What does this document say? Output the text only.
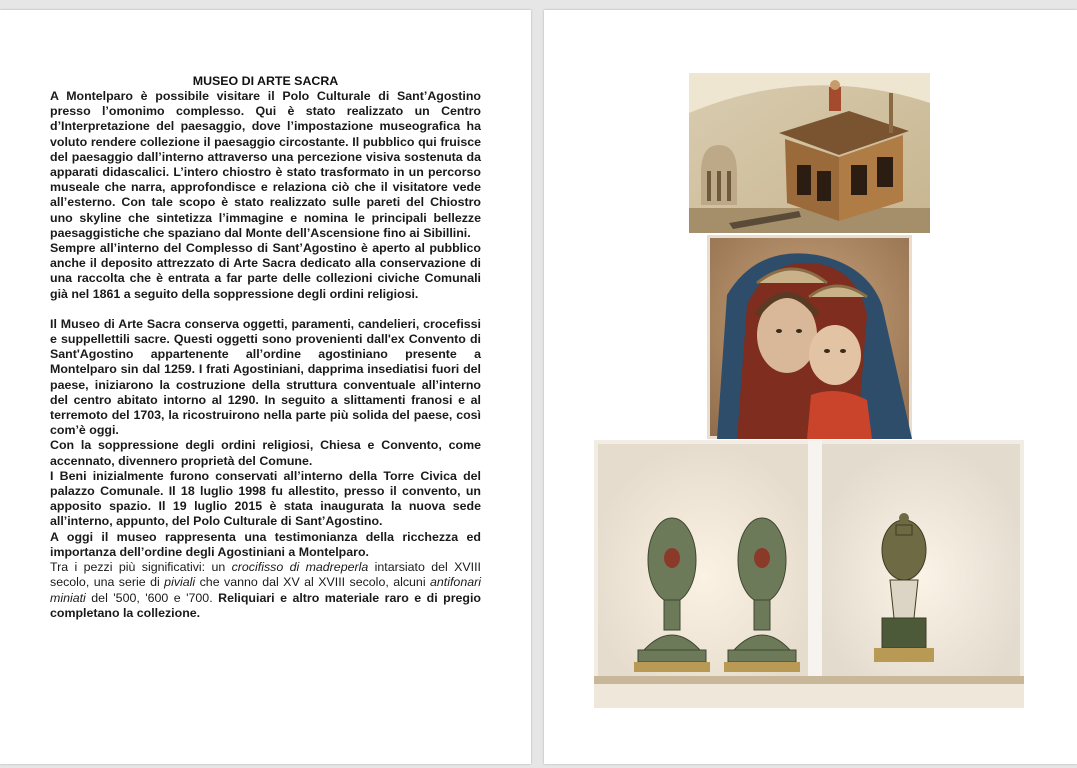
MUSEO DI ARTE SACRA

A Montelparo è possibile visitare il Polo Culturale di Sant’Agostino presso l’omonimo complesso. Qui è stato realizzato un Centro d’Interpretazione del paesaggio, dove l’impostazione museografica ha voluto rendere collezione il paesaggio circostante. Il pubblico qui fruisce del paesaggio dall’interno attraverso una percezione visiva sostenuta da apparati didascalici. L’intero chiostro è stato trasformato in un percorso museale che narra, approfondisce e relaziona ciò che il visitatore vede all’esterno. Con tale scopo è stato realizzato sulle pareti del Chiostro uno skyline che sintetizza l’immagine e nomina le principali bellezze paesaggistiche che spaziano dal Monte dell’Ascensione fino ai Sibillini.

Sempre all’interno del Complesso di Sant’Agostino è aperto al pubblico anche il deposito attrezzato di Arte Sacra dedicato alla conservazione di una raccolta che è entrata a far parte delle collezioni civiche Comunali già nel 1861 a seguito della soppressione degli ordini religiosi.

Il Museo di Arte Sacra conserva oggetti, paramenti, candelieri, crocefissi e suppellettili sacre. Questi oggetti sono provenienti dall'ex Convento di Sant'Agostino appartenente all’ordine agostiniano presente a Montelparo sin dal 1259. I frati Agostiniani, dapprima insediatisi fuori del paese, iniziarono la costruzione della struttura conventuale all’interno del centro abitato intorno al 1290. In seguito a slittamenti franosi e al terremoto del 1703, la ricostruirono nella parte più solida del paese, così com’è oggi.

Con la soppressione degli ordini religiosi, Chiesa e Convento, come accennato, divennero proprietà del Comune.

I Beni inizialmente furono conservati all’interno della Torre Civica del palazzo Comunale. Il 18 luglio 1998 fu allestito, presso il convento, un apposito spazio. Il 19 luglio 2015 è stata inaugurata la nuova sede all’interno, appunto, del Polo Culturale di Sant’Agostino.

A oggi il museo rappresenta una testimonianza della ricchezza ed importanza dell’ordine degli Agostiniani a Montelparo.

Tra i pezzi più significativi: un crocifisso di madreperla intarsiato del XVIII secolo, una serie di piviali che vanno dal XV al XVIII secolo, alcuni antifonari miniati del '500, '600 e '700. Reliquiari e altro materiale raro e di pregio completano la collezione.
